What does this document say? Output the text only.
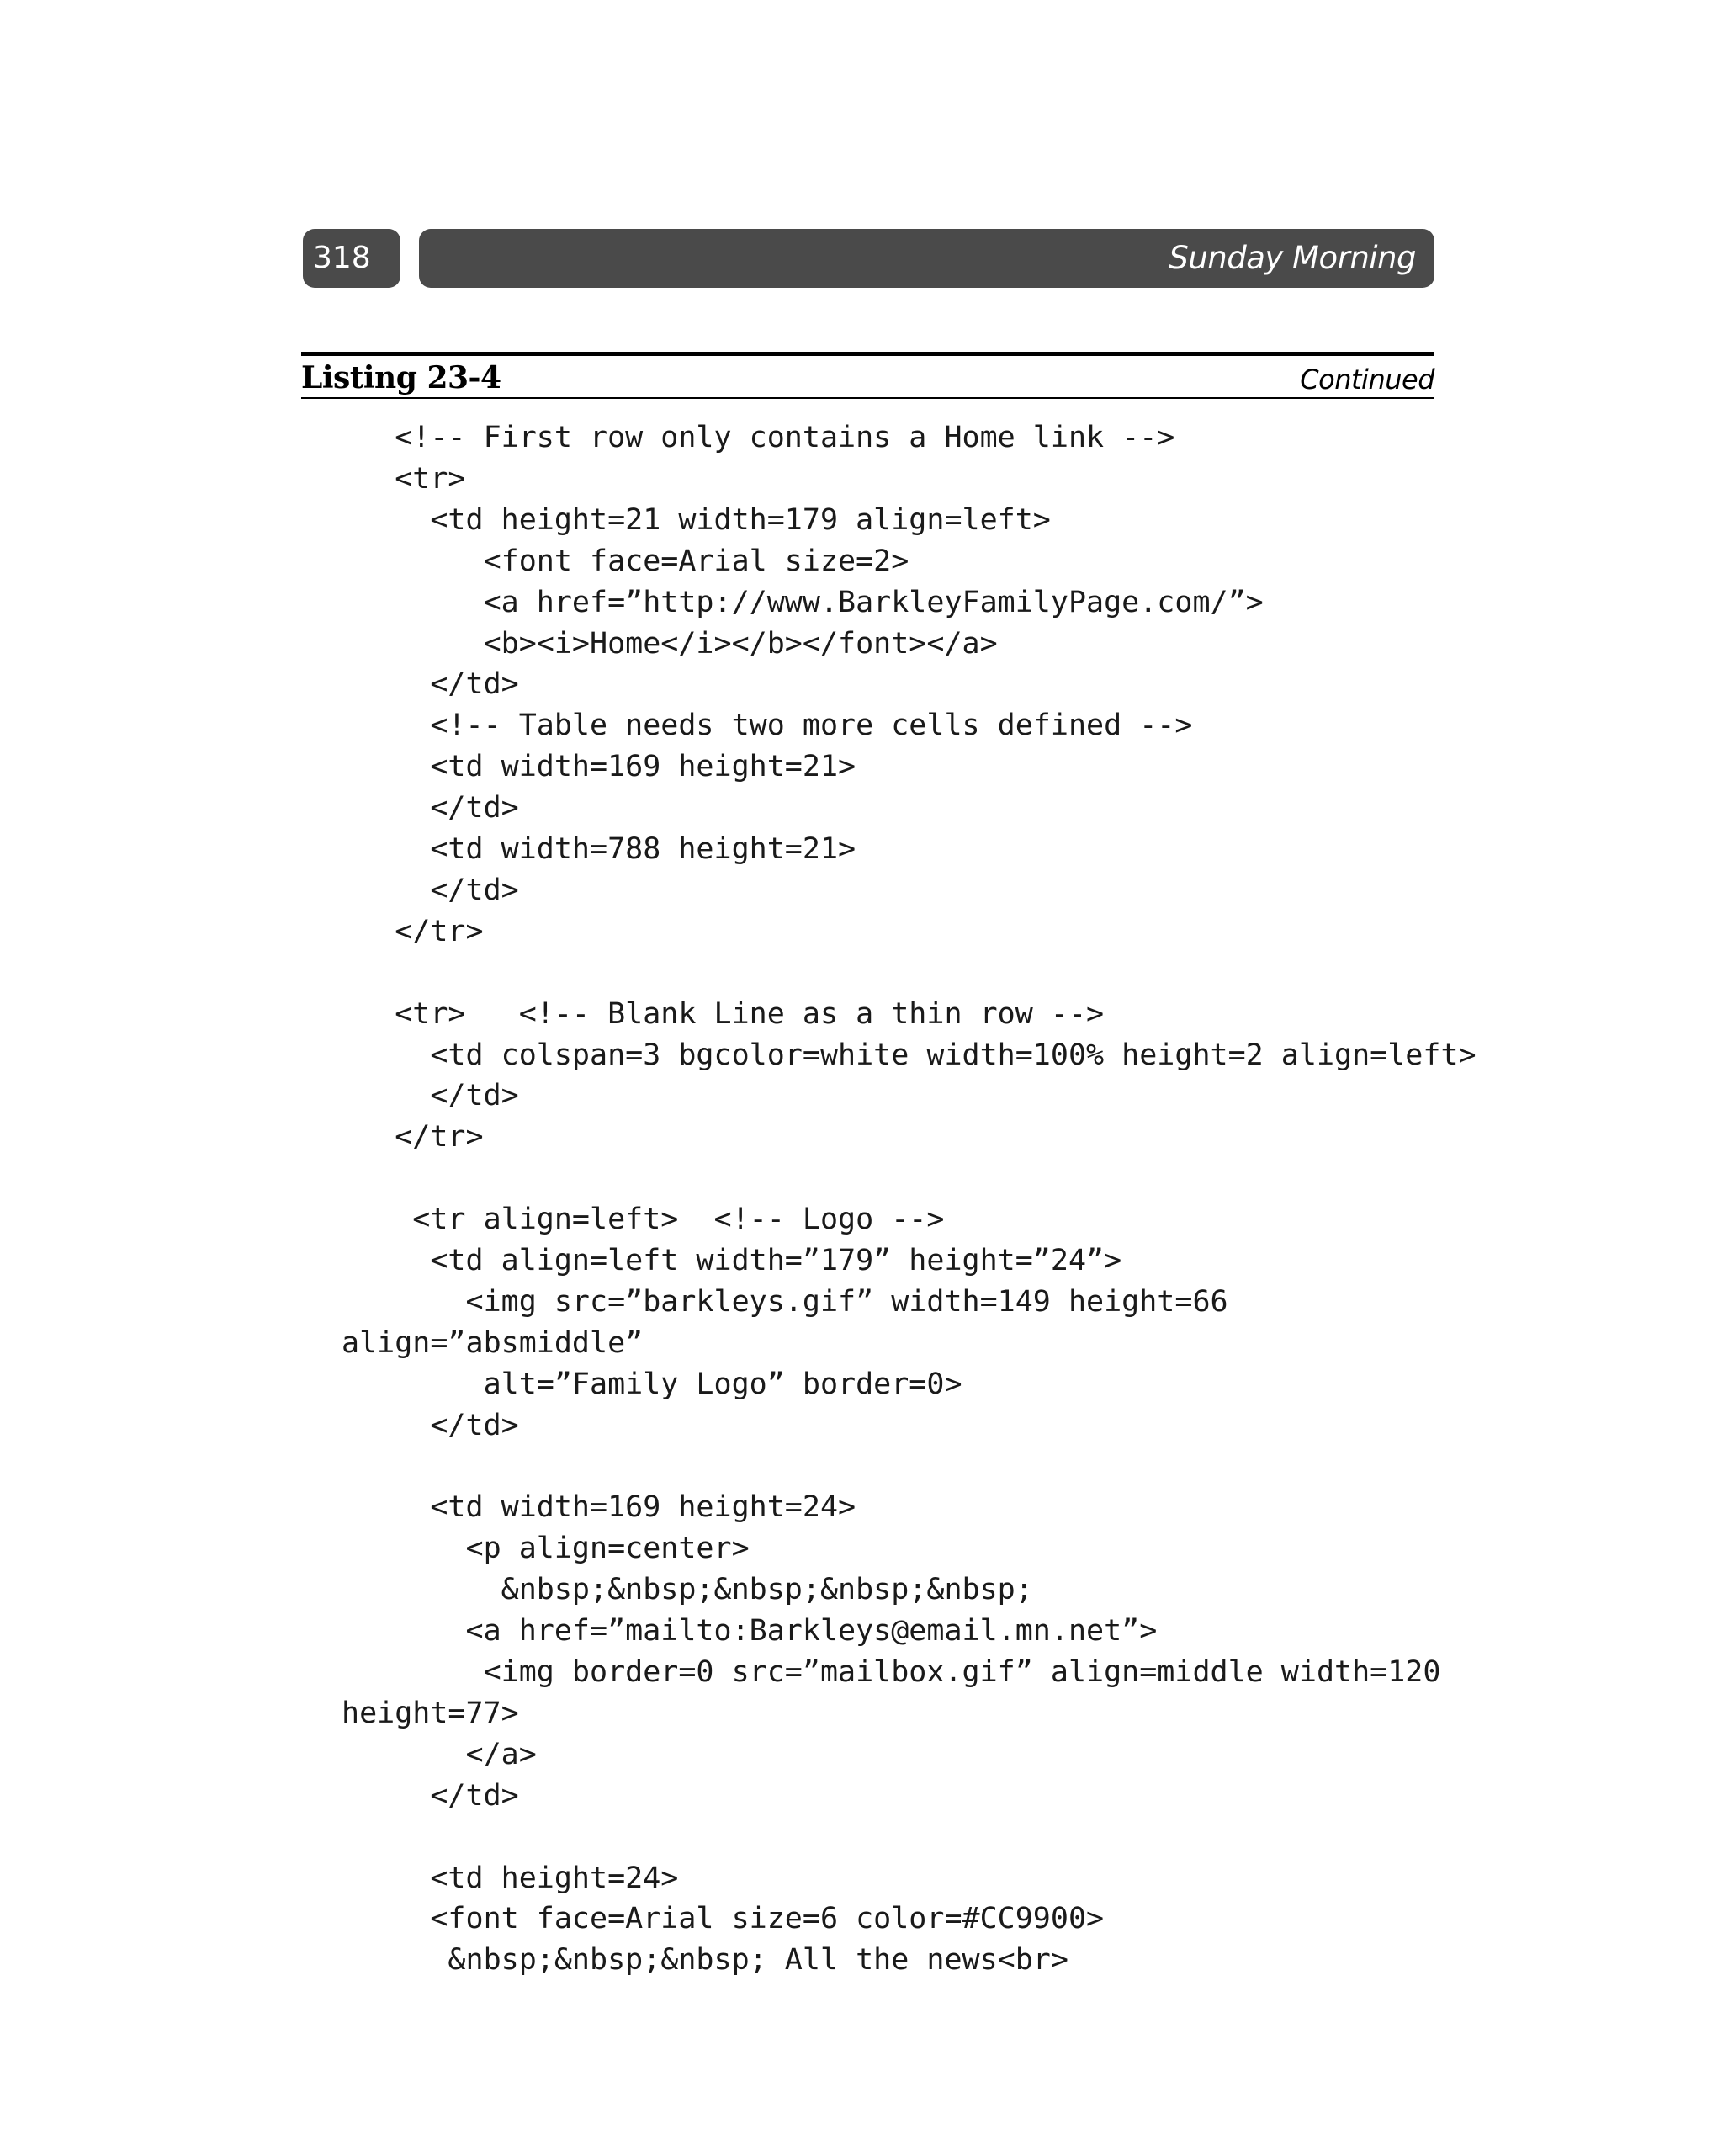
318	Sunday Morning
Listing 23-4	Continued
<!-- First row only contains a Home link -->
<tr>
<td height=21 width=179 align=left>
<font face=Arial size=2>
<a href=”http://www.BarkleyFamilyPage.com/”>
<b><i>Home</i></b></font></a>
</td>
<!-- Table needs two more cells defined -->
<td width=169 height=21>
</td>
<td width=788 height=21>
</td>
</tr>
<tr>   <!-- Blank Line as a thin row -->
<td colspan=3 bgcolor=white width=100% height=2 align=left>
</td>
</tr>
<tr align=left>  <!-- Logo -->
<td align=left width=”179” height=”24”>
<img src=”barkleys.gif” width=149 height=66
align=”absmiddle”
alt=”Family Logo” border=0>
</td>
<td width=169 height=24>
<p align=center>
&nbsp;&nbsp;&nbsp;&nbsp;&nbsp;
<a href=”mailto:Barkleys@email.mn.net”>
<img border=0 src=”mailbox.gif” align=middle width=120
height=77>
</a>
</td>
<td height=24>
<font face=Arial size=6 color=#CC9900>
&nbsp;&nbsp;&nbsp; All the news<br>
